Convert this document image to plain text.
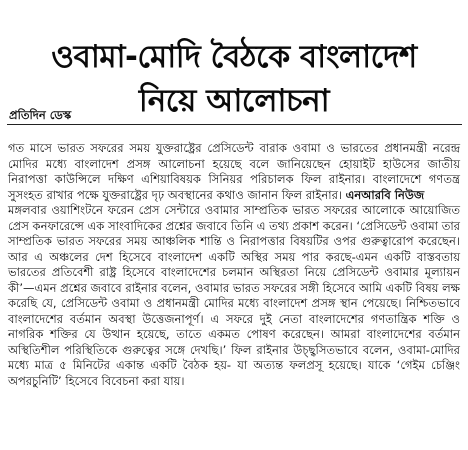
ওবামা-মোদি বৈঠকে বাংলাদেশ
নিয়ে আলোচনা
প্রতিদিন ডেস্ক

গত মাসে ভারত সফরের সময় যুক্তরাষ্ট্রের প্রেসিডেন্ট বারাক ওবামা ও ভারতের প্রধানমন্ত্রী নরেন্দ্র মোদির মধ্যে বাংলাদেশ প্রসঙ্গ আলোচনা হয়েছে বলে জানিয়েছেন হোয়াইট হাউসের জাতীয় নিরাপত্তা কাউন্সিলে দক্ষিণ এশিয়াবিষয়ক সিনিয়র পরিচালক ফিল রাইনার। বাংলাদেশে গণতন্ত্র সুসংহত রাখার পক্ষে যুক্তরাষ্ট্রের দৃঢ় অবস্থানের কথাও জানান ফিল রাইনার। এনআরবি নিউজ

মঙ্গলবার ওয়াশিংটনে ফরেন প্রেস সেন্টারে ওবামার সাম্প্রতিক ভারত সফরের আলোকে আয়োজিত প্রেস কনফারেন্সে এক সাংবাদিকের প্রশ্নের জবাবে তিনি এ তথ্য প্রকাশ করেন। ‘প্রেসিডেন্ট ওবামা তার সাম্প্রতিক ভারত সফরের সময় আঞ্চলিক শান্তি ও নিরাপত্তার বিষয়টির ওপর গুরুত্বারোপ করেছেন। আর এ অঞ্চলের দেশ হিসেবে বাংলাদেশ একটি অস্থির সময় পার করছে-এমন একটি বাস্তবতায় ভারতের প্রতিবেশী রাষ্ট্র হিসেবে বাংলাদেশের চলমান অস্থিরতা নিয়ে প্রেসিডেন্ট ওবামার মূল্যায়ন কী’—এমন প্রশ্নের জবাবে রাইনার বলেন, ওবামার ভারত সফরের সঙ্গী হিসেবে আমি একটি বিষয় লক্ষ করেছি যে, প্রেসিডেন্ট ওবামা ও প্রধানমন্ত্রী মোদির মধ্যে বাংলাদেশ প্রসঙ্গ স্থান পেয়েছে। নিশ্চিতভাবে বাংলাদেশের বর্তমান অবস্থা উত্তেজনাপূর্ণ। এ সফরে দুই নেতা বাংলাদেশের গণতান্ত্রিক শক্তি ও নাগরিক শক্তির যে উত্থান হয়েছে, তাতে একমত পোষণ করেছেন। আমরা বাংলাদেশের বর্তমান অস্থিতিশীল পরিস্থিতিকে গুরুত্বের সঙ্গে দেখছি।’ ফিল রাইনার উচ্ছ্বসিতভাবে বলেন, ওবামা-মোদির মধ্যে মাত্র ৫ মিনিটের একান্ত একটি বৈঠক হয়- যা অত্যন্ত ফলপ্রসূ হয়েছে। যাকে ‘গেইম চেঞ্জিং অপরচুনিটি’ হিসেবে বিবেচনা করা যায়।
